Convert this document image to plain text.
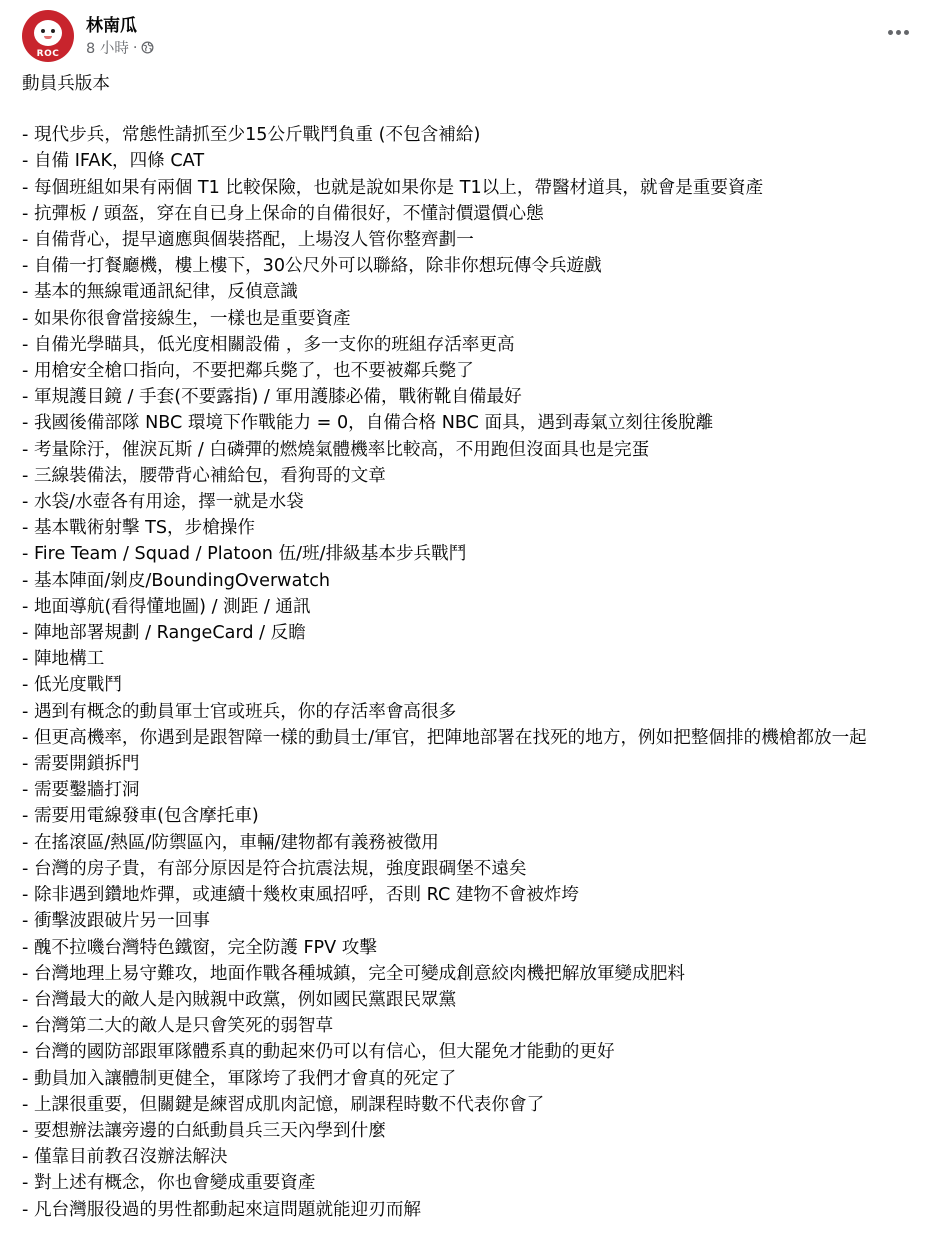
ROC
林南瓜
8 小時 ·

動員兵版本

- 現代步兵，常態性請抓至少15公斤戰鬥負重 (不包含補給)

- 自備 IFAK，四條 CAT

- 每個班組如果有兩個 T1 比較保險，也就是說如果你是 T1以上，帶醫材道具，就會是重要資產

- 抗彈板 / 頭盔，穿在自已身上保命的自備很好，不懂討價還價心態

- 自備背心，提早適應與個裝搭配，上場沒人管你整齊劃一

- 自備一打餐廳機，樓上樓下，30公尺外可以聯絡，除非你想玩傳令兵遊戲

- 基本的無線電通訊紀律，反偵意識

- 如果你很會當接線生，一樣也是重要資產

- 自備光學瞄具，低光度相關設備 ，多一支你的班組存活率更高

- 用槍安全槍口指向，不要把鄰兵斃了，也不要被鄰兵斃了

- 軍規護目鏡 / 手套(不要露指) / 軍用護膝必備，戰術靴自備最好

- 我國後備部隊 NBC 環境下作戰能力 = 0，自備合格 NBC 面具，遇到毒氣立刻往後脫離

- 考量除汙，催淚瓦斯 / 白磷彈的燃燒氣體機率比較高，不用跑但沒面具也是完蛋

- 三線裝備法，腰帶背心補給包，看狗哥的文章

- 水袋/水壺各有用途，擇一就是水袋

- 基本戰術射擊 TS，步槍操作

- Fire Team / Squad / Platoon 伍/班/排級基本步兵戰鬥

- 基本陣面/剝皮/BoundingOverwatch

- 地面導航(看得懂地圖) / 測距 / 通訊

- 陣地部署規劃 / RangeCard / 反瞻

- 陣地構工

- 低光度戰鬥

- 遇到有概念的動員軍士官或班兵，你的存活率會高很多

- 但更高機率，你遇到是跟智障一樣的動員士/軍官，把陣地部署在找死的地方，例如把整個排的機槍都放一起

- 需要開鎖拆門

- 需要鑿牆打洞

- 需要用電線發車(包含摩托車)

- 在搖滾區/熱區/防禦區內，車輛/建物都有義務被徵用

- 台灣的房子貴，有部分原因是符合抗震法規，強度跟碉堡不遠矣

- 除非遇到鑽地炸彈，或連續十幾枚東風招呼，否則 RC 建物不會被炸垮

- 衝擊波跟破片另一回事

- 醜不拉嘰台灣特色鐵窗，完全防護 FPV 攻擊

- 台灣地理上易守難攻，地面作戰各種城鎮，完全可變成創意絞肉機把解放軍變成肥料

- 台灣最大的敵人是內賊親中政黨，例如國民黨跟民眾黨

- 台灣第二大的敵人是只會笑死的弱智草

- 台灣的國防部跟軍隊體系真的動起來仍可以有信心，但大罷免才能動的更好

- 動員加入讓體制更健全，軍隊垮了我們才會真的死定了

- 上課很重要，但關鍵是練習成肌肉記憶，刷課程時數不代表你會了

- 要想辦法讓旁邊的白紙動員兵三天內學到什麼

- 僅靠目前教召沒辦法解決

- 對上述有概念，你也會變成重要資產

- 凡台灣服役過的男性都動起來這問題就能迎刃而解
